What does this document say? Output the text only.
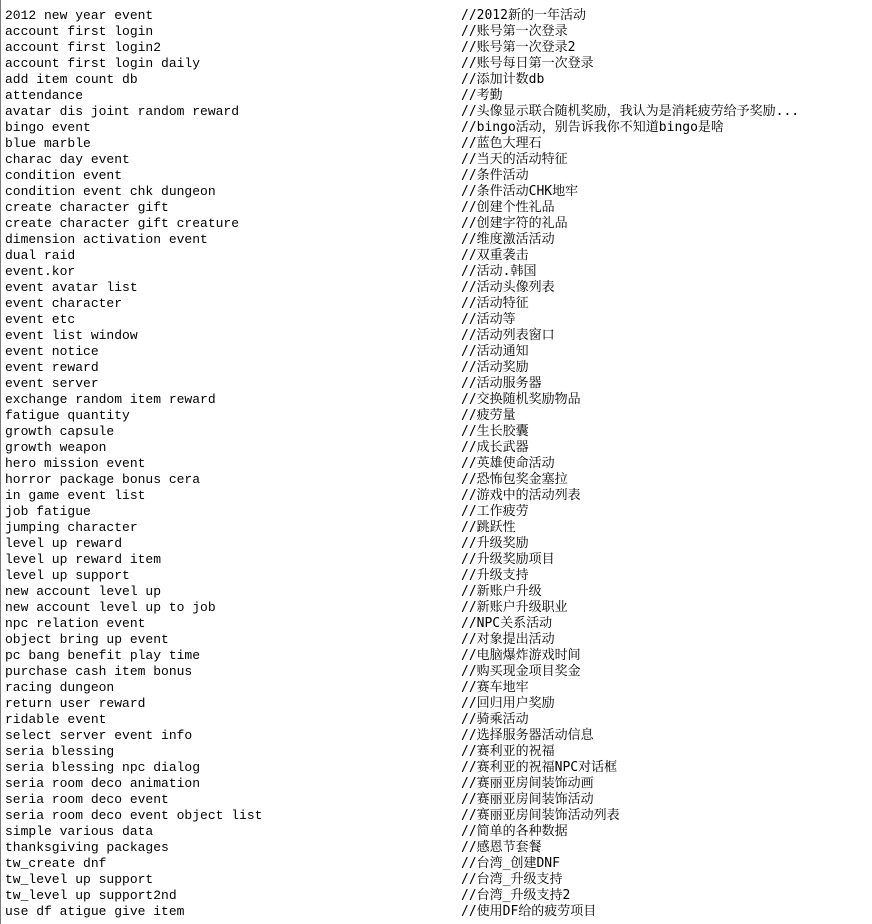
2012 new year event	//2012新的一年活动
account first login	//账号第一次登录
account first login2	//账号第一次登录2
account first login daily	//账号每日第一次登录
add item count db	//添加计数db
attendance	//考勤
avatar dis joint random reward	//头像显示联合随机奖励，我认为是消耗疲劳给予奖励...
bingo event	//bingo活动，别告诉我你不知道bingo是啥
blue marble	//蓝色大理石
charac day event	//当天的活动特征
condition event	//条件活动
condition event chk dungeon	//条件活动CHK地牢
create character gift	//创建个性礼品
create character gift creature	//创建字符的礼品
dimension activation event	//维度激活活动
dual raid	//双重袭击
event.kor	//活动.韩国
event avatar list	//活动头像列表
event character	//活动特征
event etc	//活动等
event list window	//活动列表窗口
event notice	//活动通知
event reward	//活动奖励
event server	//活动服务器
exchange random item reward	//交换随机奖励物品
fatigue quantity	//疲劳量
growth capsule	//生长胶囊
growth weapon	//成长武器
hero mission event	//英雄使命活动
horror package bonus cera	//恐怖包奖金塞拉
in game event list	//游戏中的活动列表
job fatigue	//工作疲劳
jumping character	//跳跃性
level up reward	//升级奖励
level up reward item	//升级奖励项目
level up support	//升级支持
new account level up	//新账户升级
new account level up to job	//新账户升级职业
npc relation event	//NPC关系活动
object bring up event	//对象提出活动
pc bang benefit play time	//电脑爆炸游戏时间
purchase cash item bonus	//购买现金项目奖金
racing dungeon	//赛车地牢
return user reward	//回归用户奖励
ridable event	//骑乘活动
select server event info	//选择服务器活动信息
seria blessing	//赛利亚的祝福
seria blessing npc dialog	//赛利亚的祝福NPC对话框
seria room deco animation	//赛丽亚房间装饰动画
seria room deco event	//赛丽亚房间装饰活动
seria room deco event object list	//赛丽亚房间装饰活动列表
simple various data	//简单的各种数据
thanksgiving packages	//感恩节套餐
tw_create dnf	//台湾_创建DNF
tw_level up support	//台湾_升级支持
tw_level up support2nd	//台湾_升级支持2
use df atigue give item	//使用DF给的疲劳项目
